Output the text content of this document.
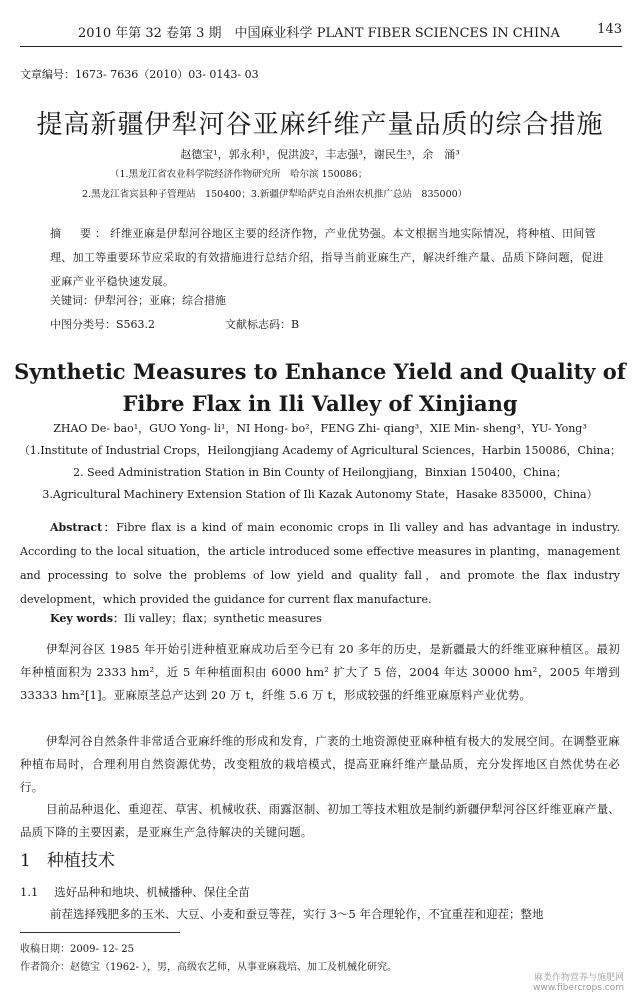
2010 年第 32 卷第 3 期　中国麻业科学 PLANT FIBER SCIENCES IN CHINA	143
文章编号：1673- 7636（2010）03- 0143- 03
提高新疆伊犁河谷亚麻纤维产量品质的综合措施
赵德宝¹，郭永利¹，倪洪波²，丰志强³，谢民生³，余　涌³
（1.黑龙江省农业科学院经济作物研究所　哈尔滨 150086；
2.黑龙江省宾县种子管理站　150400；3.新疆伊犁哈萨克自治州农机推广总站　835000）
摘　要：纤维亚麻是伊犁河谷地区主要的经济作物，产业优势强。本文根据当地实际情况，将种植、田间管理、加工等重要环节应采取的有效措施进行总结介绍，指导当前亚麻生产，解决纤维产量、品质下降问题，促进亚麻产业平稳快速发展。
关键词：伊犁河谷；亚麻；综合措施
中图分类号：S563.2	文献标志码：B
Synthetic Measures to Enhance Yield and Quality of Fibre Flax in Ili Valley of Xinjiang
ZHAO De- bao¹，GUO Yong- li¹，NI Hong- bo²，FENG Zhi- qiang³，XIE Min- sheng³，YU- Yong³
（1.Institute of Industrial Crops，Heilongjiang Academy of Agricultural Sciences，Harbin 150086，China；
2. Seed Administration Station in Bin County of Heilongjiang，Binxian 150400，China；
3.Agricultural Machinery Extension Station of Ili Kazak Autonomy State，Hasake 835000，China）
Abstract：Fibre flax is a kind of main economic crops in Ili valley and has advantage in industry. According to the local situation，the article introduced some effective measures in planting，management and processing to solve the problems of low yield and quality fall，and promote the flax industry development，which provided the guidance for current flax manufacture.
Key words：Ili valley；flax；synthetic measures
伊犁河谷区 1985 年开始引进种植亚麻成功后至今已有 20 多年的历史，是新疆最大的纤维亚麻种植区。最初年种植面积为 2333 hm²，近 5 年种植面积由 6000 hm² 扩大了 5 倍，2004 年达 30000 hm²，2005 年增到 33333 hm²[1]。亚麻原茎总产达到 20 万 t，纤维 5.6 万 t，形成较强的纤维亚麻原料产业优势。
伊犁河谷自然条件非常适合亚麻纤维的形成和发育，广袤的土地资源使亚麻种植有极大的发展空间。在调整亚麻种植布局时，合理利用自然资源优势，改变粗放的栽培模式，提高亚麻纤维产量品质，充分发挥地区自然优势在必行。
目前品种退化、重迎茬、草害、机械收获、雨露沤制、初加工等技术粗放是制约新疆伊犁河谷区纤维亚麻产量、品质下降的主要因素，是亚麻生产急待解决的关键问题。
1 种植技术
1.1 选好品种和地块、机械播种、保住全苗
前茬选择残肥多的玉米、大豆、小麦和蚕豆等茬，实行 3～5 年合理轮作，不宜重茬和迎茬；整地
收稿日期：2009- 12- 25
作者简介：赵德宝（1962- ），男，高级农艺师，从事亚麻栽培、加工及机械化研究。
麻类作物营养与施肥网
www.fibercrops.com
